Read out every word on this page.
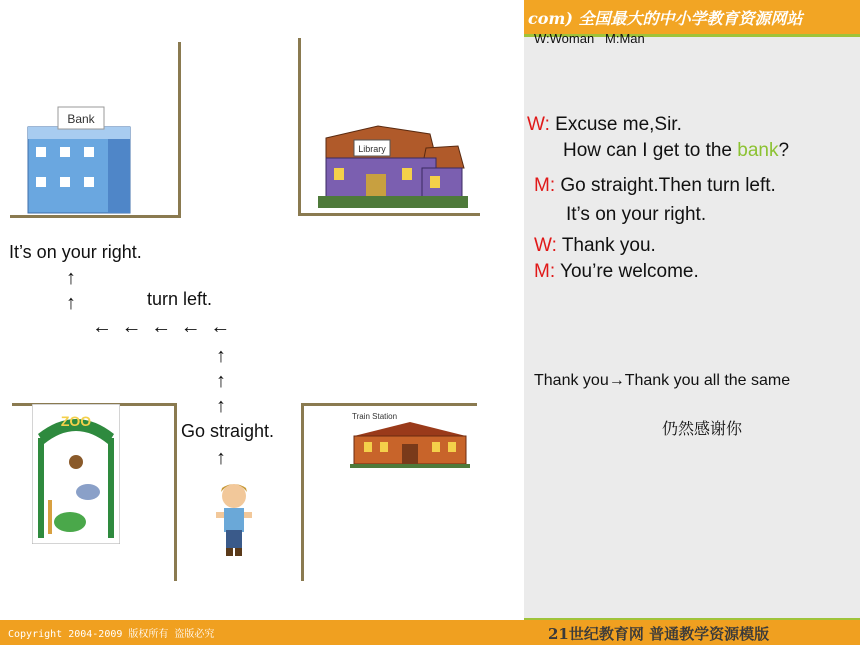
com) 全国最大的中小学教育资源网站
W:Woman   M:Man
W: Excuse me,Sir.
How can I get to the bank?
M: Go straight.Then turn left.
It’s on your right.
W: Thank you.
M: You’re welcome.
Thank you→Thank you all the same
仍然感谢你
Bank
Library
ZOO	Train Station
It’s on your right.
↑
↑	turn left.
← ← ← ← ←
↑
↑
↑
Go straight.
↑
Copyright 2004-2009 版权所有 盗版必究	21世纪教育网 普通教学资源模版
